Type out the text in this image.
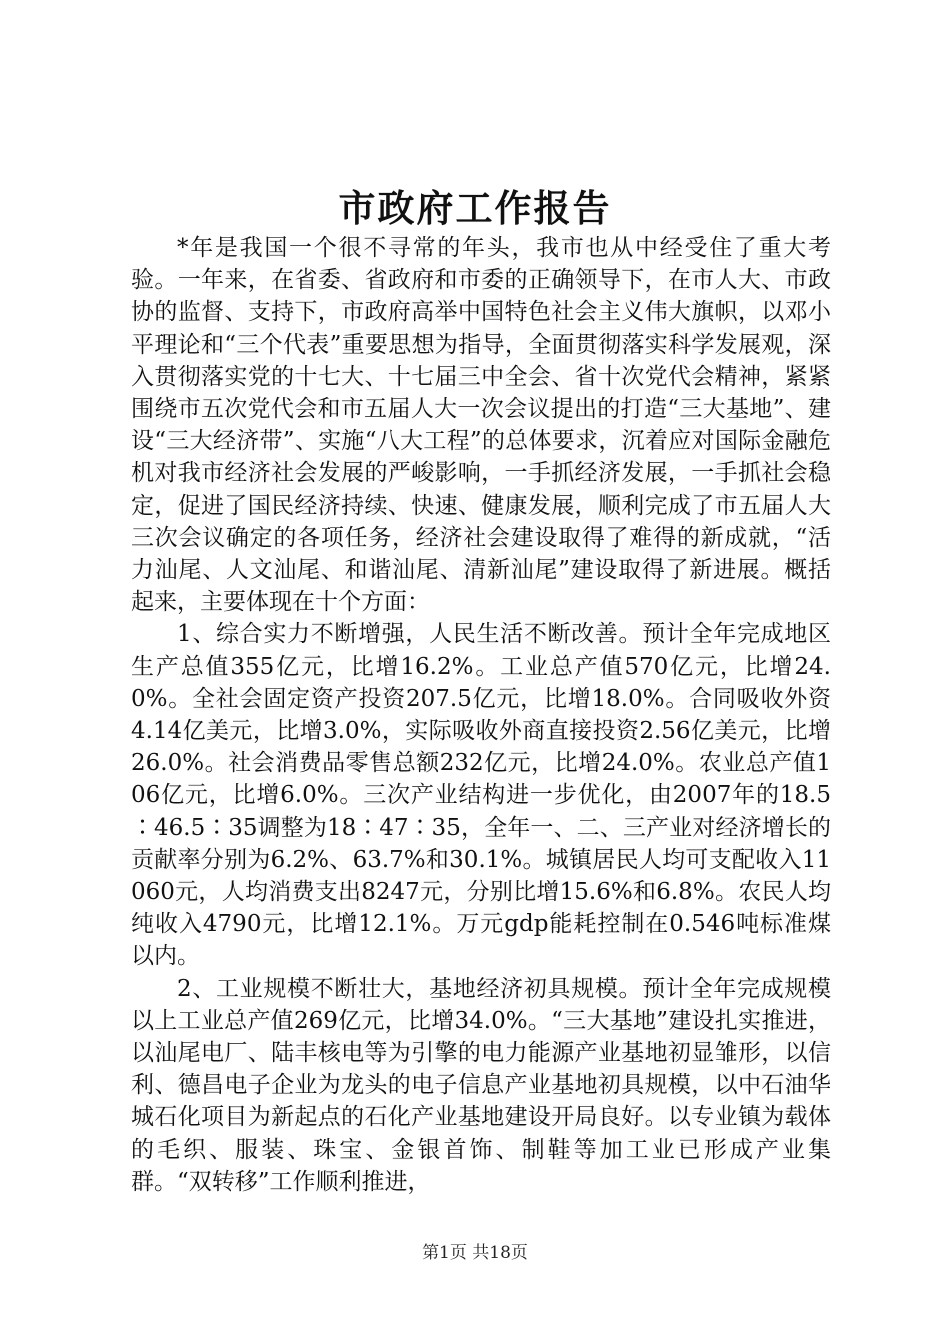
市政府工作报告

*年是我国一个很不寻常的年头，我市也从中经受住了重大考验。一年来，在省委、省政府和市委的正确领导下，在市人大、市政协的监督、支持下，市政府高举中国特色社会主义伟大旗帜，以邓小平理论和“三个代表”重要思想为指导，全面贯彻落实科学发展观，深入贯彻落实党的十七大、十七届三中全会、省十次党代会精神，紧紧围绕市五次党代会和市五届人大一次会议提出的打造“三大基地”、建设“三大经济带”、实施“八大工程”的总体要求，沉着应对国际金融危机对我市经济社会发展的严峻影响，一手抓经济发展，一手抓社会稳定，促进了国民经济持续、快速、健康发展，顺利完成了市五届人大三次会议确定的各项任务，经济社会建设取得了难得的新成就，“活力汕尾、人文汕尾、和谐汕尾、清新汕尾”建设取得了新进展。概括起来，主要体现在十个方面：

1、综合实力不断增强，人民生活不断改善。预计全年完成地区生产总值355亿元，比增16.2%。工业总产值570亿元，比增24.0%。全社会固定资产投资207.5亿元，比增18.0%。合同吸收外资4.14亿美元，比增3.0%，实际吸收外商直接投资2.56亿美元，比增26.0%。社会消费品零售总额232亿元，比增24.0%。农业总产值106亿元，比增6.0%。三次产业结构进一步优化，由2007年的18.5∶46.5∶35调整为18∶47∶35，全年一、二、三产业对经济增长的贡献率分别为6.2%、63.7%和30.1%。城镇居民人均可支配收入11060元，人均消费支出8247元，分别比增15.6%和6.8%。农民人均纯收入4790元，比增12.1%。万元gdp能耗控制在0.546吨标准煤以内。

2、工业规模不断壮大，基地经济初具规模。预计全年完成规模以上工业总产值269亿元，比增34.0%。“三大基地”建设扎实推进，以汕尾电厂、陆丰核电等为引擎的电力能源产业基地初显雏形，以信利、德昌电子企业为龙头的电子信息产业基地初具规模，以中石油华城石化项目为新起点的石化产业基地建设开局良好。以专业镇为载体的毛织、服装、珠宝、金银首饰、制鞋等加工业已形成产业集群。“双转移”工作顺利推进，

第1页 共18页
